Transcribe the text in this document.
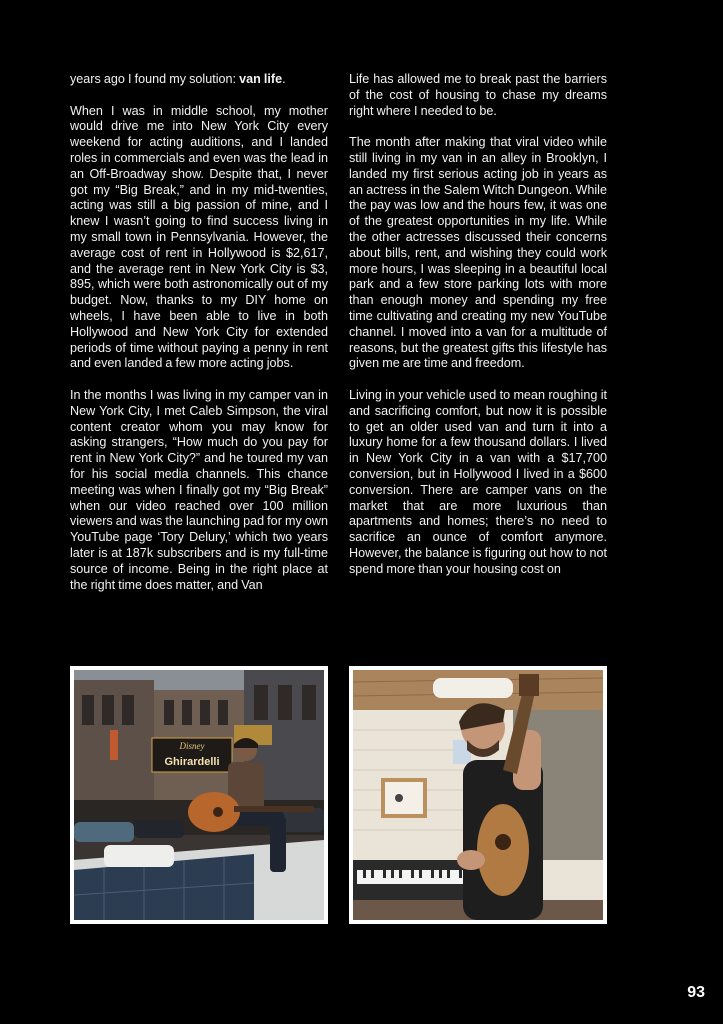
years ago I found my solution: van life.

When I was in middle school, my mother would drive me into New York City every weekend for acting auditions, and I landed roles in commercials and even was the lead in an Off-Broadway show. Despite that, I never got my “Big Break,” and in my mid-twenties, acting was still a big passion of mine, and I knew I wasn’t going to find success living in my small town in Pennsylvania. However, the average cost of rent in Hollywood is $2,617, and the average rent in New York City is $3, 895, which were both astronomically out of my budget. Now, thanks to my DIY home on wheels, I have been able to live in both Hollywood and New York City for extended periods of time without paying a penny in rent and even landed a few more acting jobs.

In the months I was living in my camper van in New York City, I met Caleb Simpson, the viral content creator whom you may know for asking strangers, “How much do you pay for rent in New York City?” and he toured my van for his social media channels. This chance meeting was when I finally got my “Big Break” when our video reached over 100 million viewers and was the launching pad for my own YouTube page ‘Tory Delury,’ which two years later is at 187k subscribers and is my full-time source of income. Being in the right place at the right time does matter, and Van

Life has allowed me to break past the barriers of the cost of housing to chase my dreams right where I needed to be.

The month after making that viral video while still living in my van in an alley in Brooklyn, I landed my first serious acting job in years as an actress in the Salem Witch Dungeon. While the pay was low and the hours few, it was one of the greatest opportunities in my life. While the other actresses discussed their concerns about bills, rent, and wishing they could work more hours, I was sleeping in a beautiful local park and a few store parking lots with more than enough money and spending my free time cultivating and creating my new YouTube channel. I moved into a van for a multitude of reasons, but the greatest gifts this lifestyle has given me are time and freedom.

Living in your vehicle used to mean roughing it and sacrificing comfort, but now it is possible to get an older used van and turn it into a luxury home for a few thousand dollars. I lived in New York City in a van with a $17,700 conversion, but in Hollywood I lived in a $600 conversion. There are camper vans on the market that are more luxurious than apartments and homes; there’s no need to sacrifice an ounce of comfort anymore. However, the balance is figuring out how to not spend more than your housing cost on

Disney
Ghirardelli
93
